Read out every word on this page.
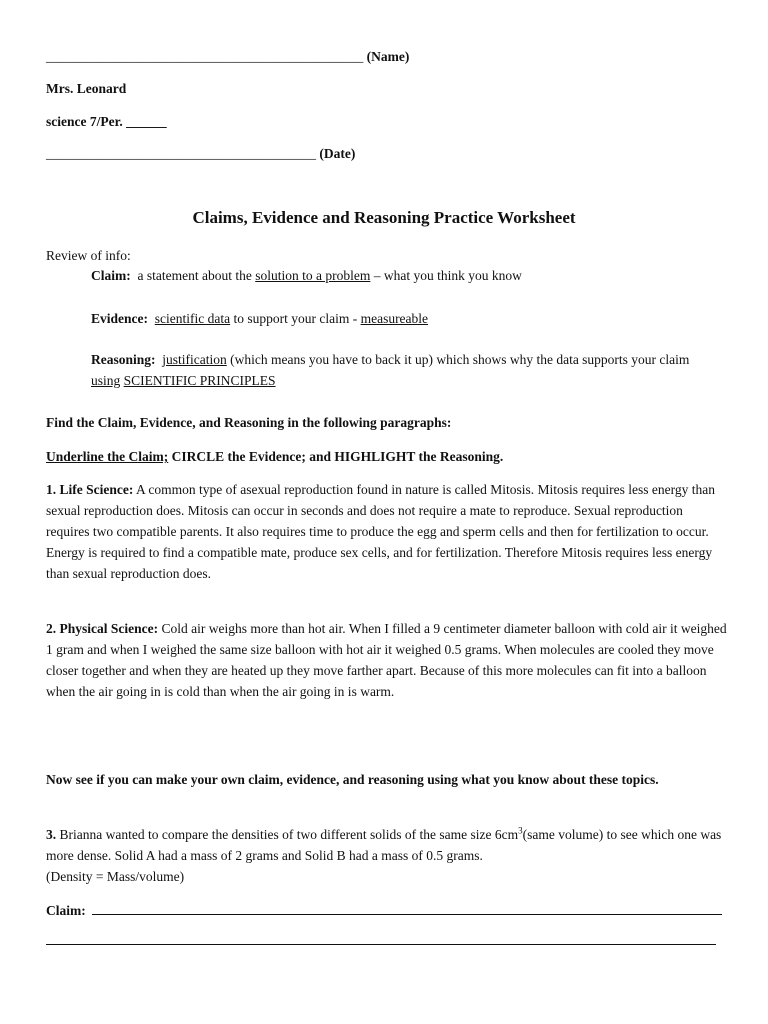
_______________________________________________ (Name)
Mrs. Leonard
science 7/Per. ______
________________________________________ (Date)
Claims, Evidence and Reasoning Practice Worksheet
Review of info:
Claim: a statement about the solution to a problem – what you think you know
Evidence: scientific data to support your claim - measureable
Reasoning: justification (which means you have to back it up) which shows why the data supports your claim using SCIENTIFIC PRINCIPLES
Find the Claim, Evidence, and Reasoning in the following paragraphs:
Underline the Claim; CIRCLE the Evidence; and HIGHLIGHT the Reasoning.
1. Life Science: A common type of asexual reproduction found in nature is called Mitosis. Mitosis requires less energy than sexual reproduction does. Mitosis can occur in seconds and does not require a mate to reproduce. Sexual reproduction requires two compatible parents. It also requires time to produce the egg and sperm cells and then for fertilization to occur. Energy is required to find a compatible mate, produce sex cells, and for fertilization. Therefore Mitosis requires less energy than sexual reproduction does.
2. Physical Science: Cold air weighs more than hot air. When I filled a 9 centimeter diameter balloon with cold air it weighed 1 gram and when I weighed the same size balloon with hot air it weighed 0.5 grams. When molecules are cooled they move closer together and when they are heated up they move farther apart. Because of this more molecules can fit into a balloon when the air going in is cold than when the air going in is warm.
Now see if you can make your own claim, evidence, and reasoning using what you know about these topics.
3. Brianna wanted to compare the densities of two different solids of the same size $6cm^3(same$ volume) to see which one was more dense. Solid A had a mass of 2 grams and Solid B had a mass of 0.5 grams.
(Density = Mass/volume)
Claim:
